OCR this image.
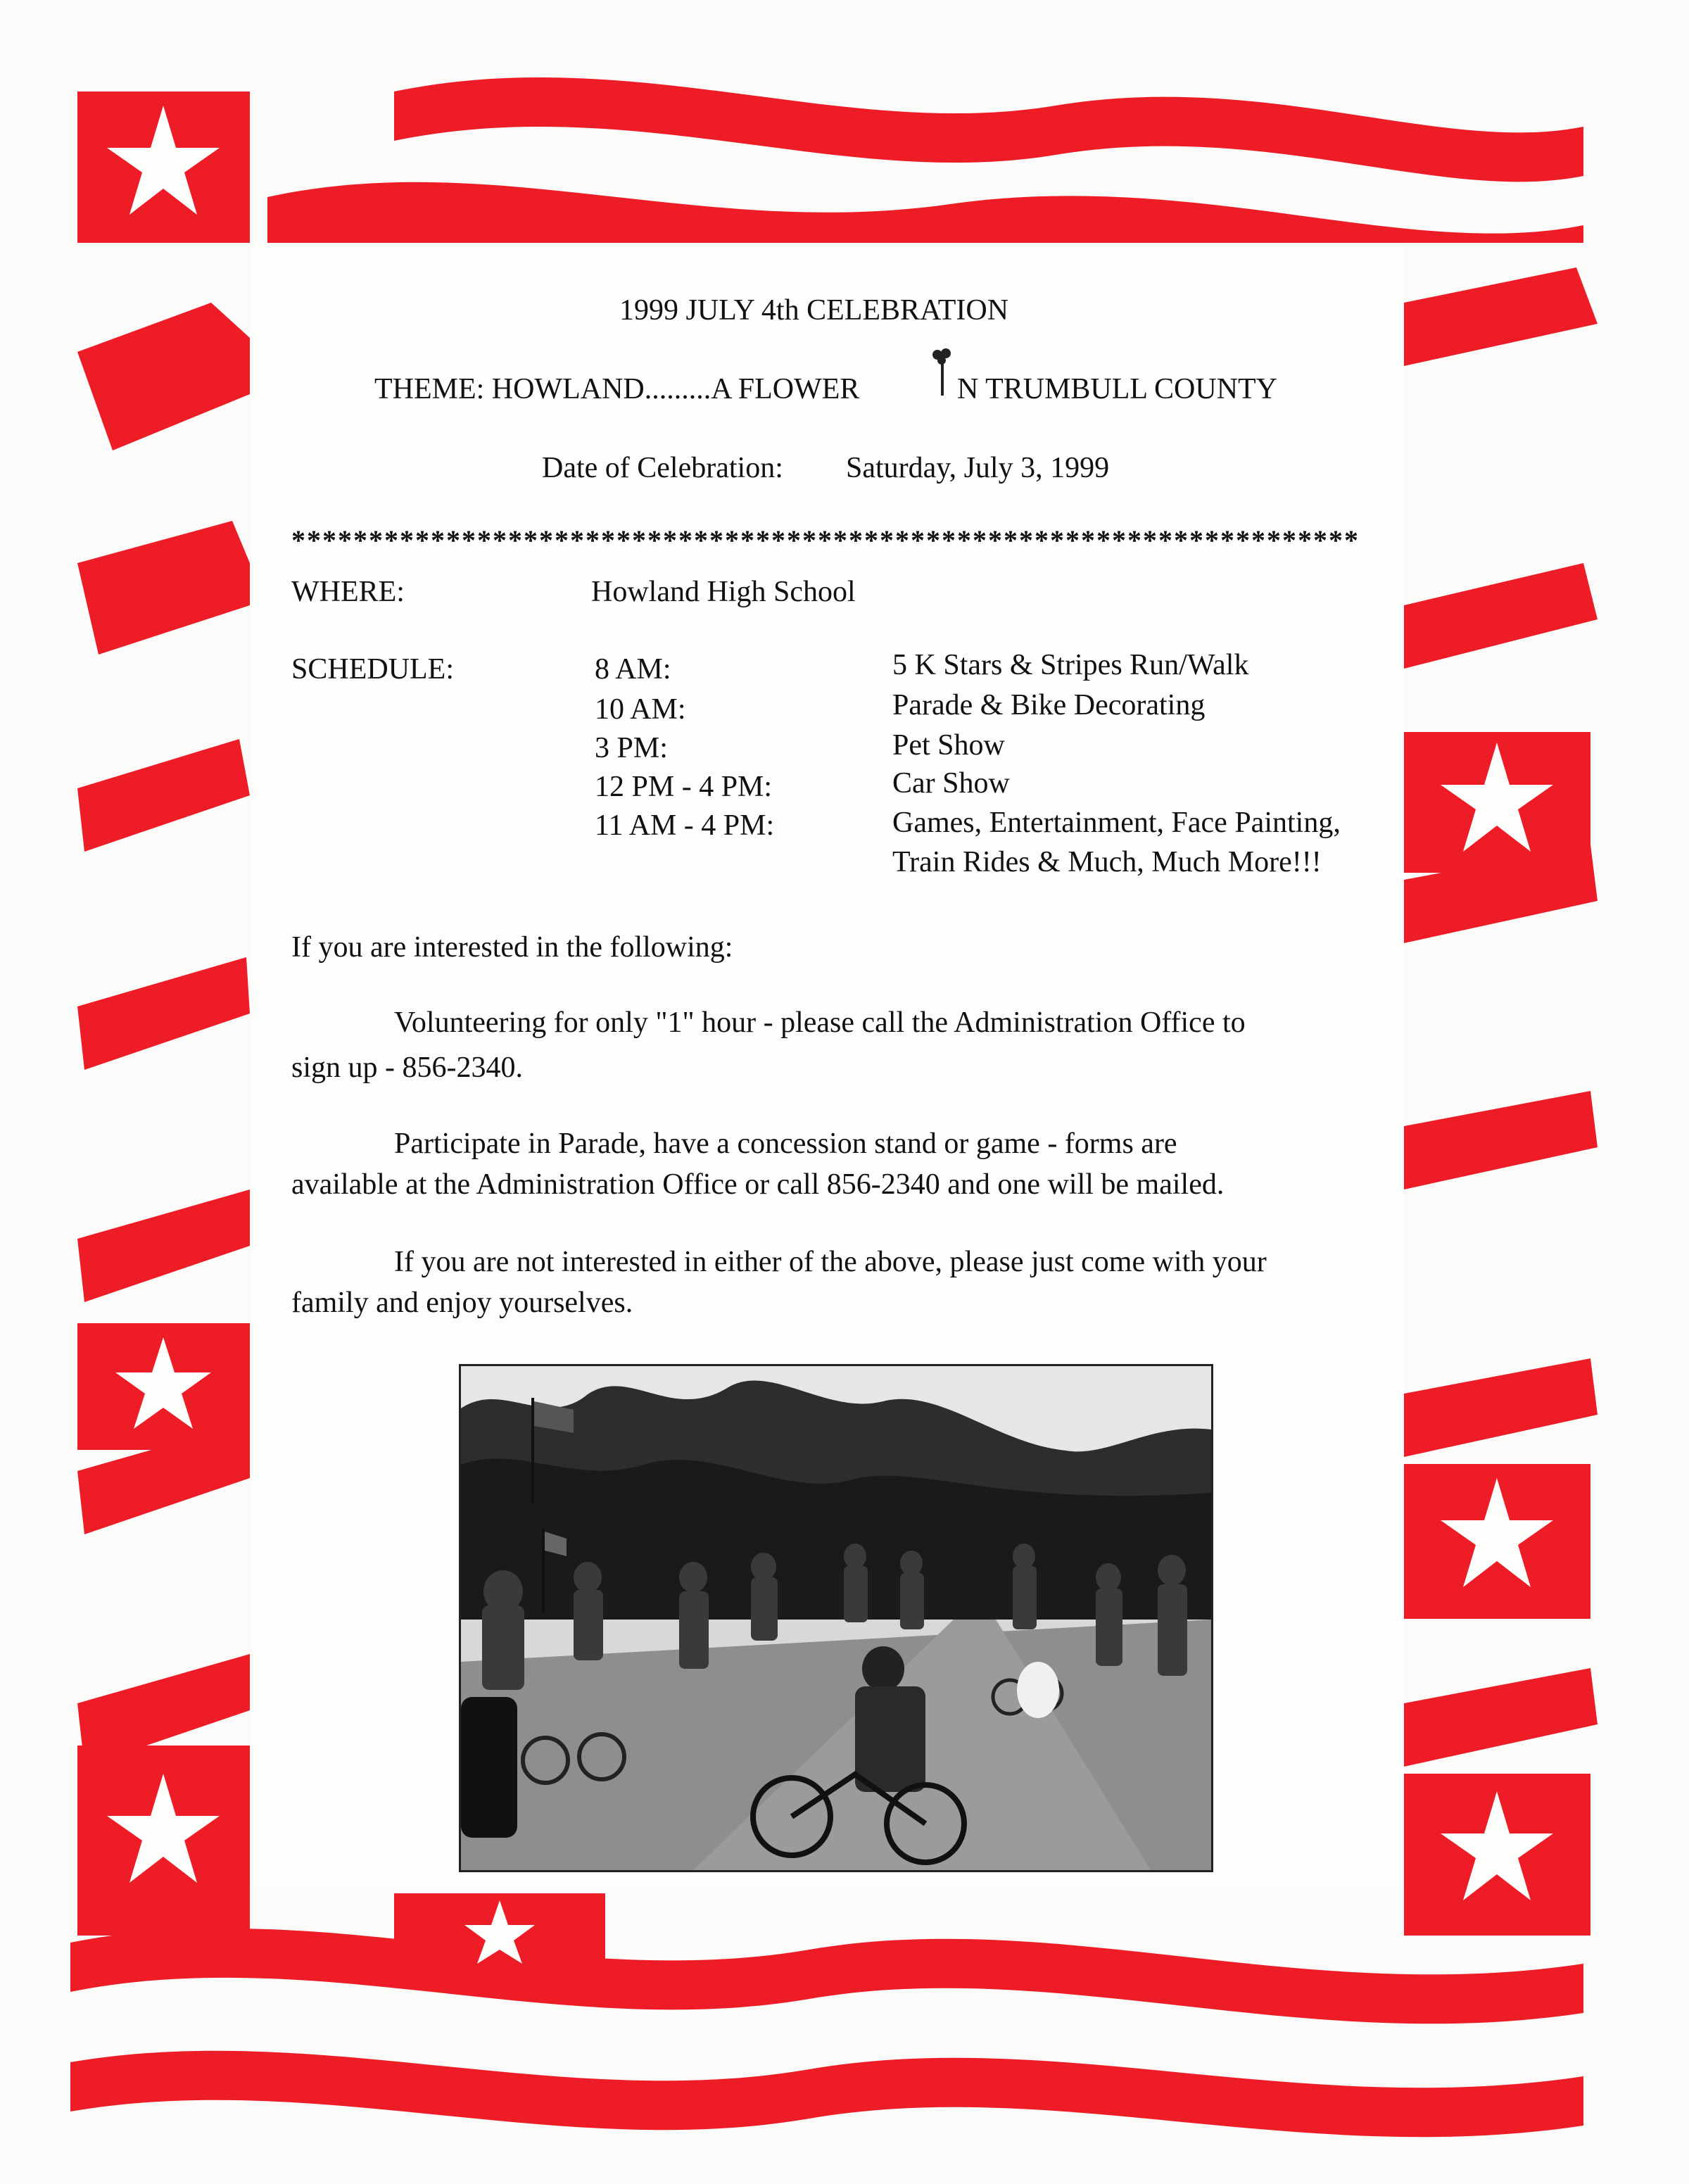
1999 JULY 4th CELEBRATION
THEME: HOWLAND.........A FLOWER	N TRUMBULL COUNTY
Date of Celebration: Saturday, July 3, 1999
*********************************************************************
WHERE:	Howland High School
SCHEDULE:	8 AM:	5 K Stars & Stripes Run/Walk
10 AM:	Parade & Bike Decorating
3 PM:	Pet Show
12 PM - 4 PM:	Car Show
11 AM - 4 PM:	Games, Entertainment, Face Painting,
Train Rides & Much, Much More!!!
If you are interested in the following:
Volunteering for only "1" hour - please call the Administration Office to
sign up - 856-2340.
Participate in Parade, have a concession stand or game - forms are
available at the Administration Office or call 856-2340 and one will be mailed.
If you are not interested in either of the above, please just come with your
family and enjoy yourselves.
